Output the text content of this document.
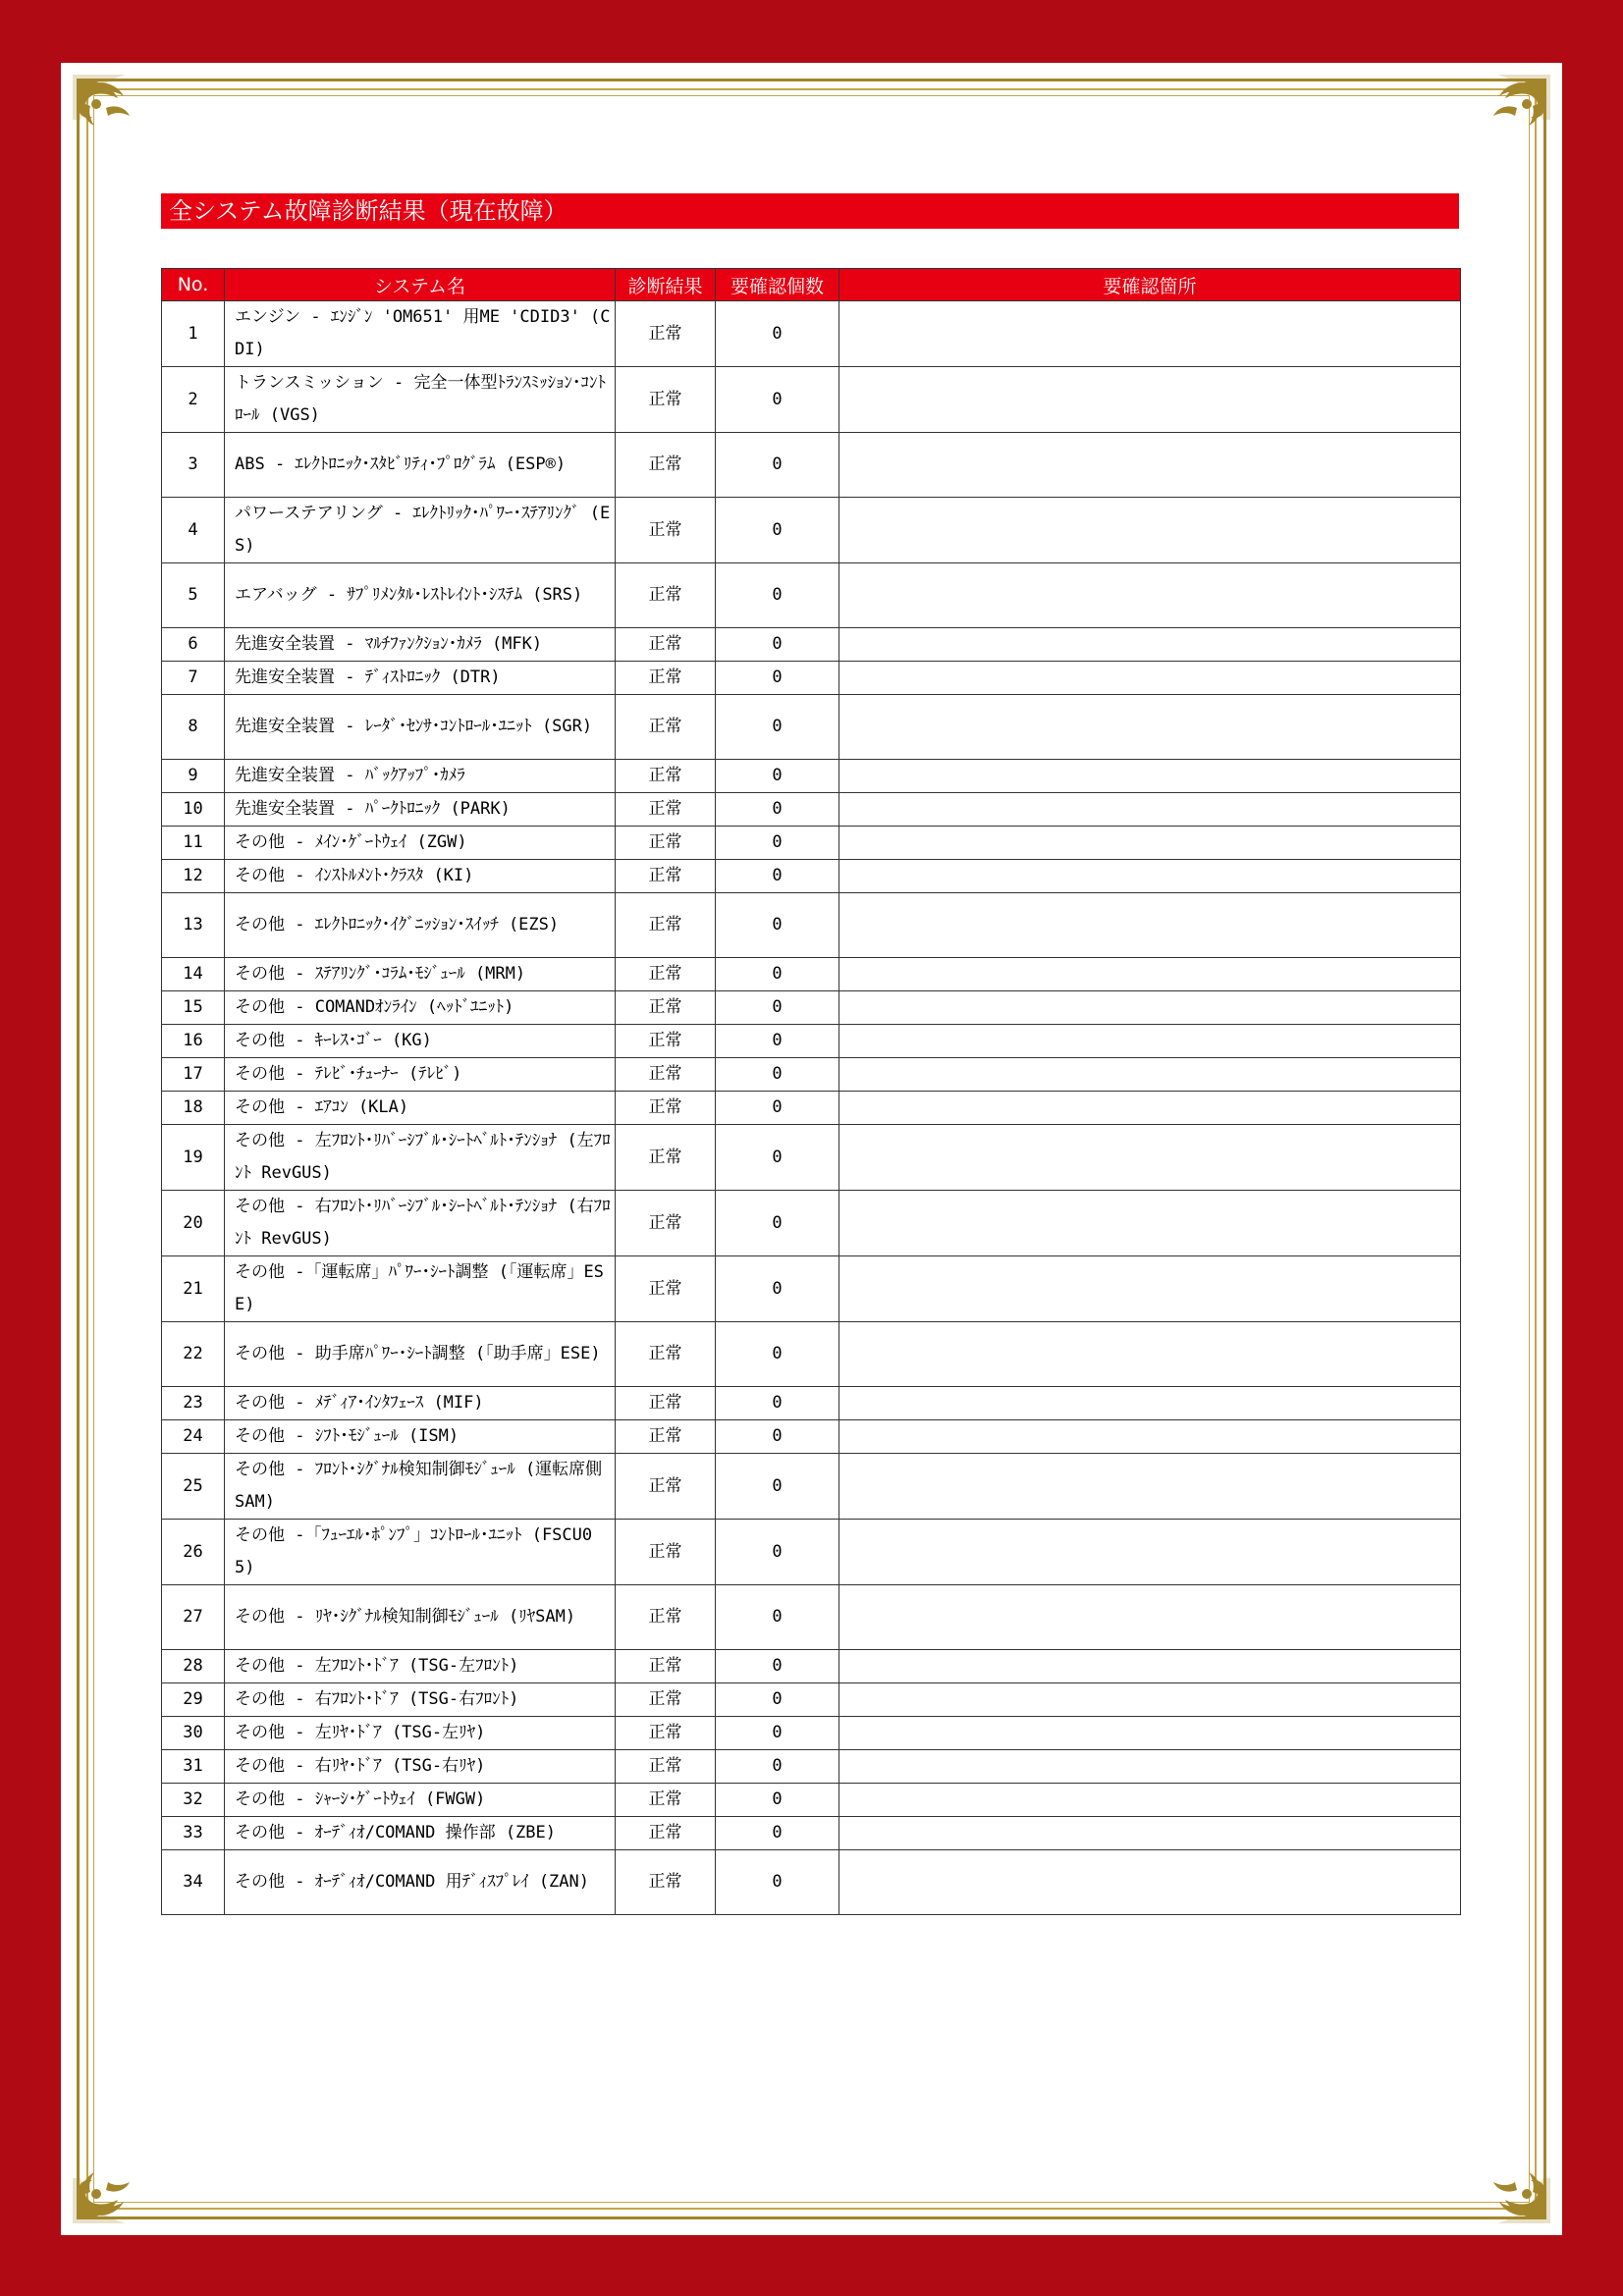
全システム故障診断結果（現在故障）
No.	システム名	診断結果	要確認個数	要確認箇所
1	エンジン - ｴﾝｼﾞﾝ 'OM651' 用ME 'CDID3' (CDI)	正常	0	
2	トランスミッション - 完全一体型ﾄﾗﾝｽﾐｯｼｮﾝ･ｺﾝﾄﾛｰﾙ (VGS)	正常	0	
3	ABS - ｴﾚｸﾄﾛﾆｯｸ･ｽﾀﾋﾞﾘﾃｨ･ﾌﾟﾛｸﾞﾗﾑ (ESP®)	正常	0	
4	パワーステアリング - ｴﾚｸﾄﾘｯｸ･ﾊﾟﾜｰ･ｽﾃｱﾘﾝｸﾞ (ES)	正常	0	
5	エアバッグ - ｻﾌﾟﾘﾒﾝﾀﾙ･ﾚｽﾄﾚｲﾝﾄ･ｼｽﾃﾑ (SRS)	正常	0	
6	先進安全装置 - ﾏﾙﾁﾌｧﾝｸｼｮﾝ･ｶﾒﾗ (MFK)	正常	0	
7	先進安全装置 - ﾃﾞｨｽﾄﾛﾆｯｸ (DTR)	正常	0	
8	先進安全装置 - ﾚｰﾀﾞ･ｾﾝｻ･ｺﾝﾄﾛｰﾙ･ﾕﾆｯﾄ (SGR)	正常	0	
9	先進安全装置 - ﾊﾞｯｸｱｯﾌﾟ･ｶﾒﾗ	正常	0	
10	先進安全装置 - ﾊﾟｰｸﾄﾛﾆｯｸ (PARK)	正常	0	
11	その他 - ﾒｲﾝ･ｹﾞｰﾄｳｪｲ (ZGW)	正常	0	
12	その他 - ｲﾝｽﾄﾙﾒﾝﾄ･ｸﾗｽﾀ (KI)	正常	0	
13	その他 - ｴﾚｸﾄﾛﾆｯｸ･ｲｸﾞﾆｯｼｮﾝ･ｽｲｯﾁ (EZS)	正常	0	
14	その他 - ｽﾃｱﾘﾝｸﾞ･ｺﾗﾑ･ﾓｼﾞｭｰﾙ (MRM)	正常	0	
15	その他 - COMANDｵﾝﾗｲﾝ (ﾍｯﾄﾞﾕﾆｯﾄ)	正常	0	
16	その他 - ｷｰﾚｽ･ｺﾞｰ (KG)	正常	0	
17	その他 - ﾃﾚﾋﾞ･ﾁｭｰﾅｰ (ﾃﾚﾋﾞ)	正常	0	
18	その他 - ｴｱｺﾝ (KLA)	正常	0	
19	その他 - 左ﾌﾛﾝﾄ･ﾘﾊﾞｰｼﾌﾞﾙ･ｼｰﾄﾍﾞﾙﾄ･ﾃﾝｼｮﾅ (左ﾌﾛﾝﾄ RevGUS)	正常	0	
20	その他 - 右ﾌﾛﾝﾄ･ﾘﾊﾞｰｼﾌﾞﾙ･ｼｰﾄﾍﾞﾙﾄ･ﾃﾝｼｮﾅ (右ﾌﾛﾝﾄ RevGUS)	正常	0	
21	その他 -「運転席」ﾊﾟﾜｰ･ｼｰﾄ調整 (「運転席」ESE)	正常	0	
22	その他 - 助手席ﾊﾟﾜｰ･ｼｰﾄ調整 (「助手席」ESE)	正常	0	
23	その他 - ﾒﾃﾞｨｱ･ｲﾝﾀﾌｪｰｽ (MIF)	正常	0	
24	その他 - ｼﾌﾄ･ﾓｼﾞｭｰﾙ (ISM)	正常	0	
25	その他 - ﾌﾛﾝﾄ･ｼｸﾞﾅﾙ検知制御ﾓｼﾞｭｰﾙ (運転席側SAM)	正常	0	
26	その他 -「ﾌｭｰｴﾙ･ﾎﾟﾝﾌﾟ」ｺﾝﾄﾛｰﾙ･ﾕﾆｯﾄ (FSCU05)	正常	0	
27	その他 - ﾘﾔ･ｼｸﾞﾅﾙ検知制御ﾓｼﾞｭｰﾙ (ﾘﾔSAM)	正常	0	
28	その他 - 左ﾌﾛﾝﾄ･ﾄﾞｱ (TSG-左ﾌﾛﾝﾄ)	正常	0	
29	その他 - 右ﾌﾛﾝﾄ･ﾄﾞｱ (TSG-右ﾌﾛﾝﾄ)	正常	0	
30	その他 - 左ﾘﾔ･ﾄﾞｱ (TSG-左ﾘﾔ)	正常	0	
31	その他 - 右ﾘﾔ･ﾄﾞｱ (TSG-右ﾘﾔ)	正常	0	
32	その他 - ｼｬｰｼ･ｹﾞｰﾄｳｪｲ (FWGW)	正常	0	
33	その他 - ｵｰﾃﾞｨｵ/COMAND 操作部 (ZBE)	正常	0	
34	その他 - ｵｰﾃﾞｨｵ/COMAND 用ﾃﾞｨｽﾌﾟﾚｲ (ZAN)	正常	0	
